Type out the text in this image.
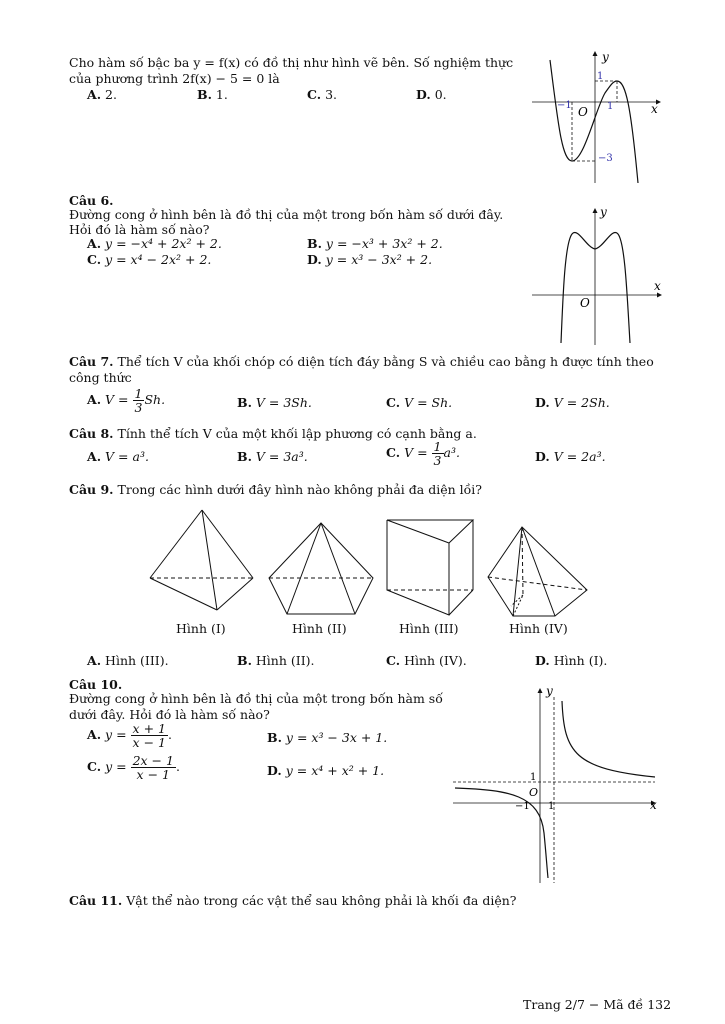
Cho hàm số bậc ba y = f(x) có đồ thị như hình vẽ bên. Số nghiệm thực
của phương trình 2f(x) − 5 = 0 là
A. 2.	B. 1.	C. 3.	D. 0.
y
x
O
−1	1
1
−3
Câu 6.
Đường cong ở hình bên là đồ thị của một trong bốn hàm số dưới đây.
Hỏi đó là hàm số nào?
A. y = −x⁴ + 2x² + 2.	B. y = −x³ + 3x² + 2.
C. y = x⁴ − 2x² + 2.	D. y = x³ − 3x² + 2.
y
x
O
Câu 7. Thể tích V của khối chóp có diện tích đáy bằng S và chiều cao bằng h được tính theo
công thức
A. $V = \frac{1}{3} Sh$.	B. V = 3Sh.	C. V = Sh.	D. V = 2Sh.
Câu 8. Tính thể tích V của một khối lập phương có cạnh bằng a.
A. V = a³.	B. V = 3a³.	C. $V = \frac{1}{3} a^3$.	D. V = 2a³.
Câu 9. Trong các hình dưới đây hình nào không phải đa diện lồi?
Hình (I)	Hình (II)	Hình (III)	Hình (IV)
A. Hình (III).	B. Hình (II).	C. Hình (IV).	D. Hình (I).
Câu 10.
Đường cong ở hình bên là đồ thị của một trong bốn hàm số
dưới đây. Hỏi đó là hàm số nào?
A. $y = \frac{x + 1}{x - 1}$ .	B. y = x³ − 3x + 1.
C. $y = \frac{2x - 1}{x - 1}$ .	D. y = x⁴ + x² + 1.
y
x
O
1
−1 1
Câu 11. Vật thể nào trong các vật thể sau không phải là khối đa diện?
Trang 2/7 − Mã đề 132
